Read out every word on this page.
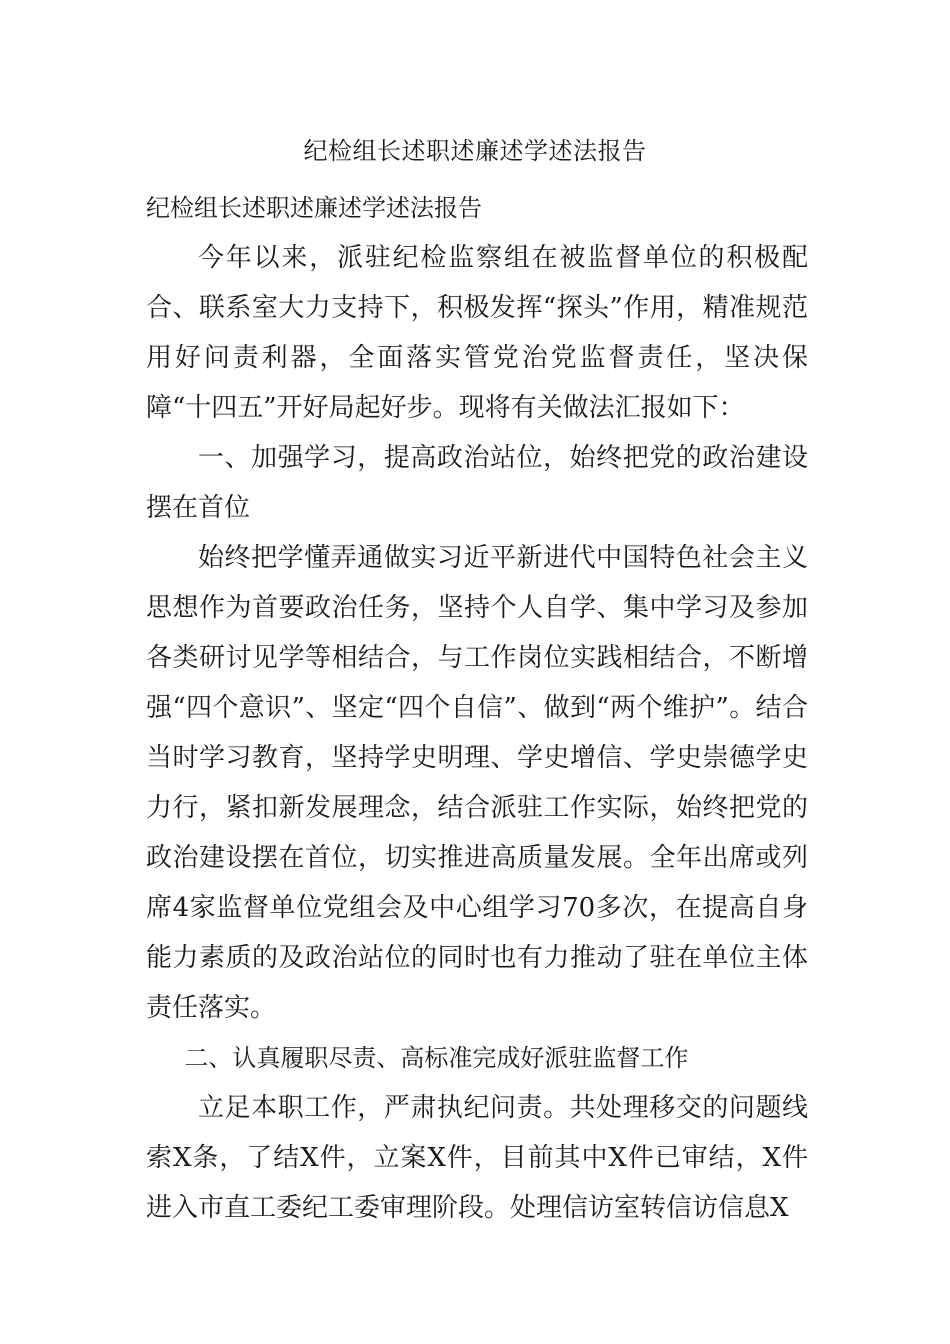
纪检组长述职述廉述学述法报告

纪检组长述职述廉述学述法报告

今年以来，派驻纪检监察组在被监督单位的积极配合、联系室大力支持下，积极发挥“探头”作用，精准规范用好问责利器，全面落实管党治党监督责任，坚决保障“十四五”开好局起好步。现将有关做法汇报如下：

一、加强学习，提高政治站位，始终把党的政治建设摆在首位

始终把学懂弄通做实习近平新进代中国特色社会主义思想作为首要政治任务，坚持个人自学、集中学习及参加各类研讨见学等相结合，与工作岗位实践相结合，不断增强“四个意识”、坚定“四个自信”、做到“两个维护”。结合当时学习教育，坚持学史明理、学史增信、学史崇德学史力行，紧扣新发展理念，结合派驻工作实际，始终把党的政治建设摆在首位，切实推进高质量发展。全年出席或列席4家监督单位党组会及中心组学习70多次，在提高自身能力素质的及政治站位的同时也有力推动了驻在单位主体责任落实。

二、认真履职尽责、高标准完成好派驻监督工作

立足本职工作，严肃执纪问责。共处理移交的问题线索X条，了结X件，立案X件，目前其中X件已审结，X件进入市直工委纪工委审理阶段。处理信访室转信访信息X
